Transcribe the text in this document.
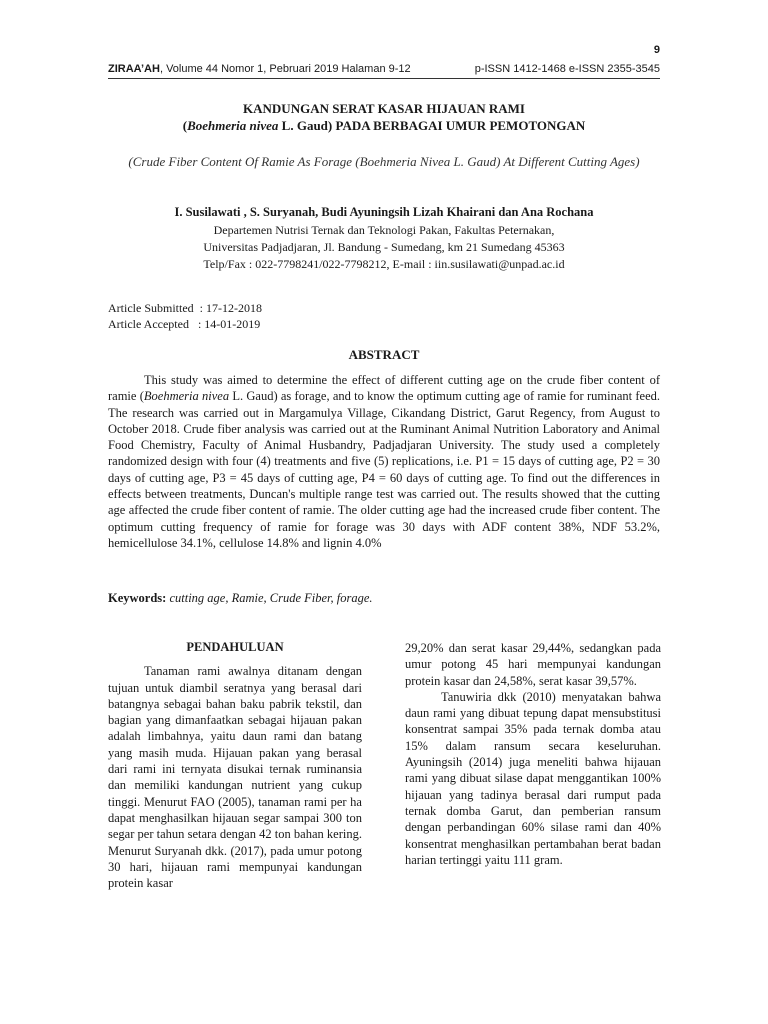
9
ZIRAA’AH, Volume 44 Nomor 1, Pebruari 2019 Halaman 9-12	p-ISSN 1412-1468 e-ISSN 2355-3545
KANDUNGAN SERAT KASAR HIJAUAN RAMI
(Boehmeria nivea L. Gaud) PADA BERBAGAI UMUR PEMOTONGAN
(Crude Fiber Content Of Ramie As Forage (Boehmeria Nivea L. Gaud) At Different Cutting Ages)
I. Susilawati , S. Suryanah, Budi Ayuningsih Lizah Khairani dan Ana Rochana
Departemen Nutrisi Ternak dan Teknologi Pakan, Fakultas Peternakan,
Universitas Padjadjaran, Jl. Bandung - Sumedang, km 21 Sumedang 45363
Telp/Fax : 022-7798241/022-7798212, E-mail : iin.susilawati@unpad.ac.id
Article Submitted  : 17-12-2018
Article Accepted   : 14-01-2019
ABSTRACT

This study was aimed to determine the effect of different cutting age on the crude fiber content of ramie (Boehmeria nivea L. Gaud) as forage, and to know the optimum cutting age of ramie for ruminant feed. The research was carried out in Margamulya Village, Cikandang District, Garut Regency, from August to October 2018. Crude fiber analysis was carried out at the Ruminant Animal Nutrition Laboratory and Animal Food Chemistry, Faculty of Animal Husbandry, Padjadjaran University. The study used a completely randomized design with four (4) treatments and five (5) replications, i.e. P1 = 15 days of cutting age, P2 = 30 days of cutting age, P3 = 45 days of cutting age, P4 = 60 days of cutting age. To find out the differences in effects between treatments, Duncan's multiple range test was carried out. The results showed that the cutting age affected the crude fiber content of ramie. The older cutting age had the increased crude fiber content. The optimum cutting frequency of ramie for forage was 30 days with ADF content 38%, NDF 53.2%, hemicellulose 34.1%, cellulose 14.8% and lignin 4.0%

Keywords: cutting age, Ramie, Crude Fiber, forage.

PENDAHULUAN

Tanaman rami awalnya ditanam dengan tujuan untuk diambil seratnya yang berasal dari batangnya sebagai bahan baku pabrik tekstil, dan bagian yang dimanfaatkan sebagai hijauan pakan adalah limbahnya, yaitu daun rami dan batang yang masih muda. Hijauan pakan yang berasal dari rami ini ternyata disukai ternak ruminansia dan memiliki kandungan nutrient yang cukup tinggi. Menurut FAO (2005), tanaman rami per ha dapat menghasilkan hijauan segar sampai 300 ton segar per tahun setara dengan 42 ton bahan kering. Menurut Suryanah dkk. (2017), pada umur potong 30 hari, hijauan rami mempunyai kandungan protein kasar

29,20% dan serat kasar 29,44%, sedangkan pada umur potong 45 hari mempunyai kandungan protein kasar dan 24,58%, serat kasar 39,57%.

Tanuwiria dkk (2010) menyatakan bahwa daun rami yang dibuat tepung dapat mensubstitusi konsentrat sampai 35% pada ternak domba atau 15% dalam ransum secara keseluruhan. Ayuningsih (2014) juga meneliti bahwa hijauan rami yang dibuat silase dapat menggantikan 100% hijauan yang tadinya berasal dari rumput pada ternak domba Garut, dan pemberian ransum dengan perbandingan 60% silase rami dan 40% konsentrat menghasilkan pertambahan berat badan harian tertinggi yaitu 111 gram.
